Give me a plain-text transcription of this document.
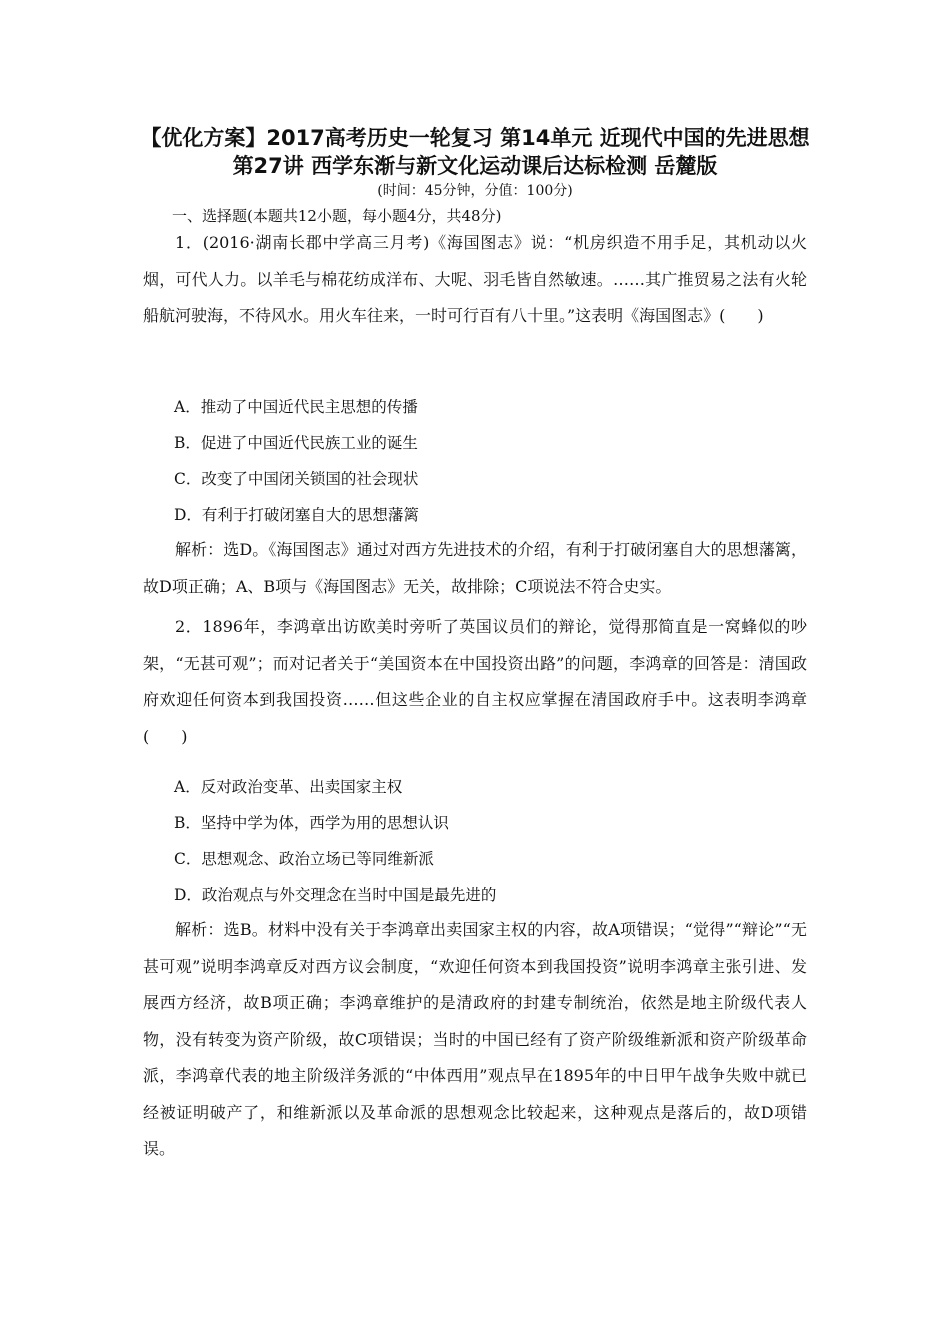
【优化方案】2017高考历史一轮复习 第14单元 近现代中国的先进思想 第27讲 西学东渐与新文化运动课后达标检测 岳麓版
(时间：45分钟，分值：100分)
一、选择题(本题共12小题，每小题4分，共48分)

1．(2016·湖南长郡中学高三月考)《海国图志》说：“机房织造不用手足，其机动以火烟，可代人力。以羊毛与棉花纺成洋布、大呢、羽毛皆自然敏速。……其广推贸易之法有火轮船航河驶海，不待风水。用火车往来，一时可行百有八十里。”这表明《海国图志》(　　)

A．推动了中国近代民主思想的传播
B．促进了中国近代民族工业的诞生
C．改变了中国闭关锁国的社会现状
D．有利于打破闭塞自大的思想藩篱

解析：选D。《海国图志》通过对西方先进技术的介绍，有利于打破闭塞自大的思想藩篱，故D项正确；A、B项与《海国图志》无关，故排除；C项说法不符合史实。

2．1896年，李鸿章出访欧美时旁听了英国议员们的辩论，觉得那简直是一窝蜂似的吵架，“无甚可观”；而对记者关于“美国资本在中国投资出路”的问题，李鸿章的回答是：清国政府欢迎任何资本到我国投资……但这些企业的自主权应掌握在清国政府手中。这表明李鸿章(　　)

A．反对政治变革、出卖国家主权
B．坚持中学为体，西学为用的思想认识
C．思想观念、政治立场已等同维新派
D．政治观点与外交理念在当时中国是最先进的

解析：选B。材料中没有关于李鸿章出卖国家主权的内容，故A项错误；“觉得”“辩论”“无甚可观”说明李鸿章反对西方议会制度，“欢迎任何资本到我国投资”说明李鸿章主张引进、发展西方经济，故B项正确；李鸿章维护的是清政府的封建专制统治，依然是地主阶级代表人物，没有转变为资产阶级，故C项错误；当时的中国已经有了资产阶级维新派和资产阶级革命派，李鸿章代表的地主阶级洋务派的“中体西用”观点早在1895年的中日甲午战争失败中就已经被证明破产了，和维新派以及革命派的思想观念比较起来，这种观点是落后的，故D项错误。
